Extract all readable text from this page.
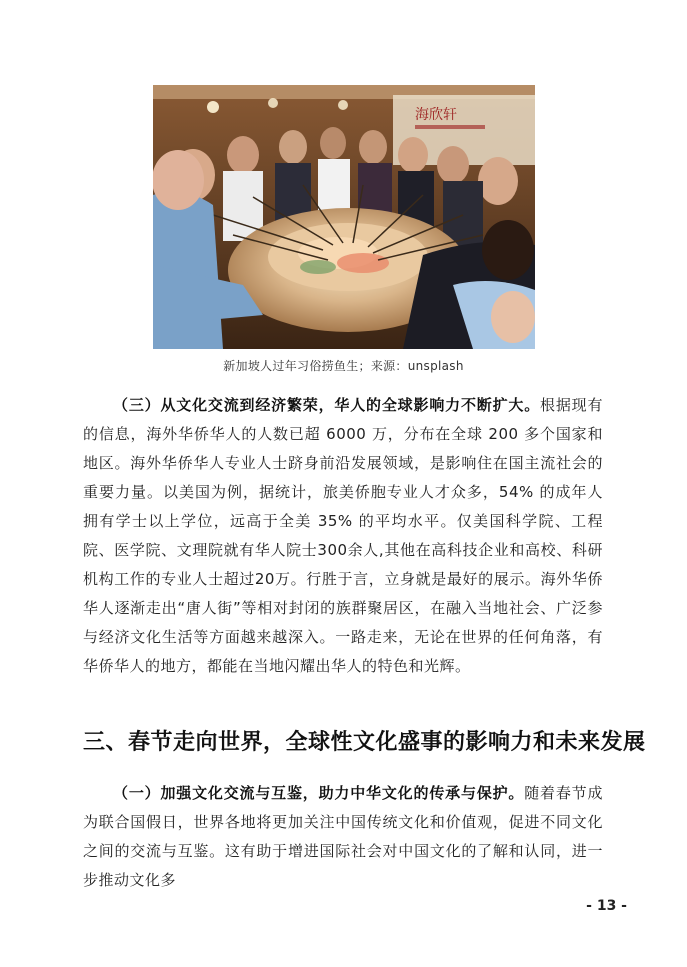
海欣轩
新加坡人过年习俗捞鱼生；来源：unsplash

（三）从文化交流到经济繁荣，华人的全球影响力不断扩大。根据现有的信息，海外华侨华人的人数已超 6000 万，分布在全球 200 多个国家和地区。海外华侨华人专业人士跻身前沿发展领域，是影响住在国主流社会的重要力量。以美国为例，据统计，旅美侨胞专业人才众多，54% 的成年人拥有学士以上学位，远高于全美 35% 的平均水平。仅美国科学院、工程院、医学院、文理院就有华人院士300余人,其他在高科技企业和高校、科研机构工作的专业人士超过20万。行胜于言，立身就是最好的展示。海外华侨华人逐渐走出“唐人街”等相对封闭的族群聚居区，在融入当地社会、广泛参与经济文化生活等方面越来越深入。一路走来，无论在世界的任何角落，有华侨华人的地方，都能在当地闪耀出华人的特色和光辉。

三、春节走向世界，全球性文化盛事的影响力和未来发展

（一）加强文化交流与互鉴，助力中华文化的传承与保护。随着春节成为联合国假日，世界各地将更加关注中国传统文化和价值观，促进不同文化之间的交流与互鉴。这有助于增进国际社会对中国文化的了解和认同，进一步推动文化多

- 13 -
